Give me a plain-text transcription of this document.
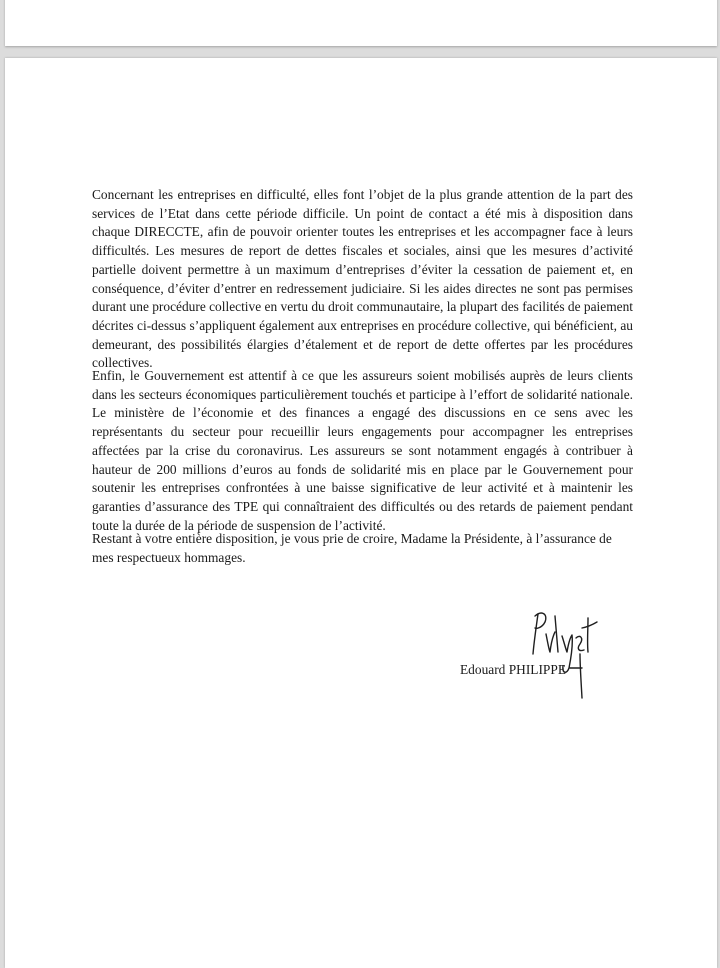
Concernant les entreprises en difficulté, elles font l’objet de la plus grande attention de la part des services de l’Etat dans cette période difficile. Un point de contact a été mis à disposition dans chaque DIRECCTE, afin de pouvoir orienter toutes les entreprises et les accompagner face à leurs difficultés. Les mesures de report de dettes fiscales et sociales, ainsi que les mesures d’activité partielle doivent permettre à un maximum d’entreprises d’éviter la cessation de paiement et, en conséquence, d’éviter d’entrer en redressement judiciaire. Si les aides directes ne sont pas permises durant une procédure collective en vertu du droit communautaire, la plupart des facilités de paiement décrites ci-dessus s’appliquent également aux entreprises en procédure collective, qui bénéficient, au demeurant, des possibilités élargies d’étalement et de report de dette offertes par les procédures collectives.

Enfin, le Gouvernement est attentif à ce que les assureurs soient mobilisés auprès de leurs clients dans les secteurs économiques particulièrement touchés et participe à l’effort de solidarité nationale. Le ministère de l’économie et des finances a engagé des discussions en ce sens avec les représentants du secteur pour recueillir leurs engagements pour accompagner les entreprises affectées par la crise du coronavirus. Les assureurs se sont notamment engagés à contribuer à hauteur de 200 millions d’euros au fonds de solidarité mis en place par le Gouvernement pour soutenir les entreprises confrontées à une baisse significative de leur activité et à maintenir les garanties d’assurance des TPE qui connaîtraient des difficultés ou des retards de paiement pendant toute la durée de la période de suspension de l’activité.

Restant à votre entière disposition, je vous prie de croire, Madame la Présidente, à l’assurance de mes respectueux hommages.

Edouard PHILIPPE
